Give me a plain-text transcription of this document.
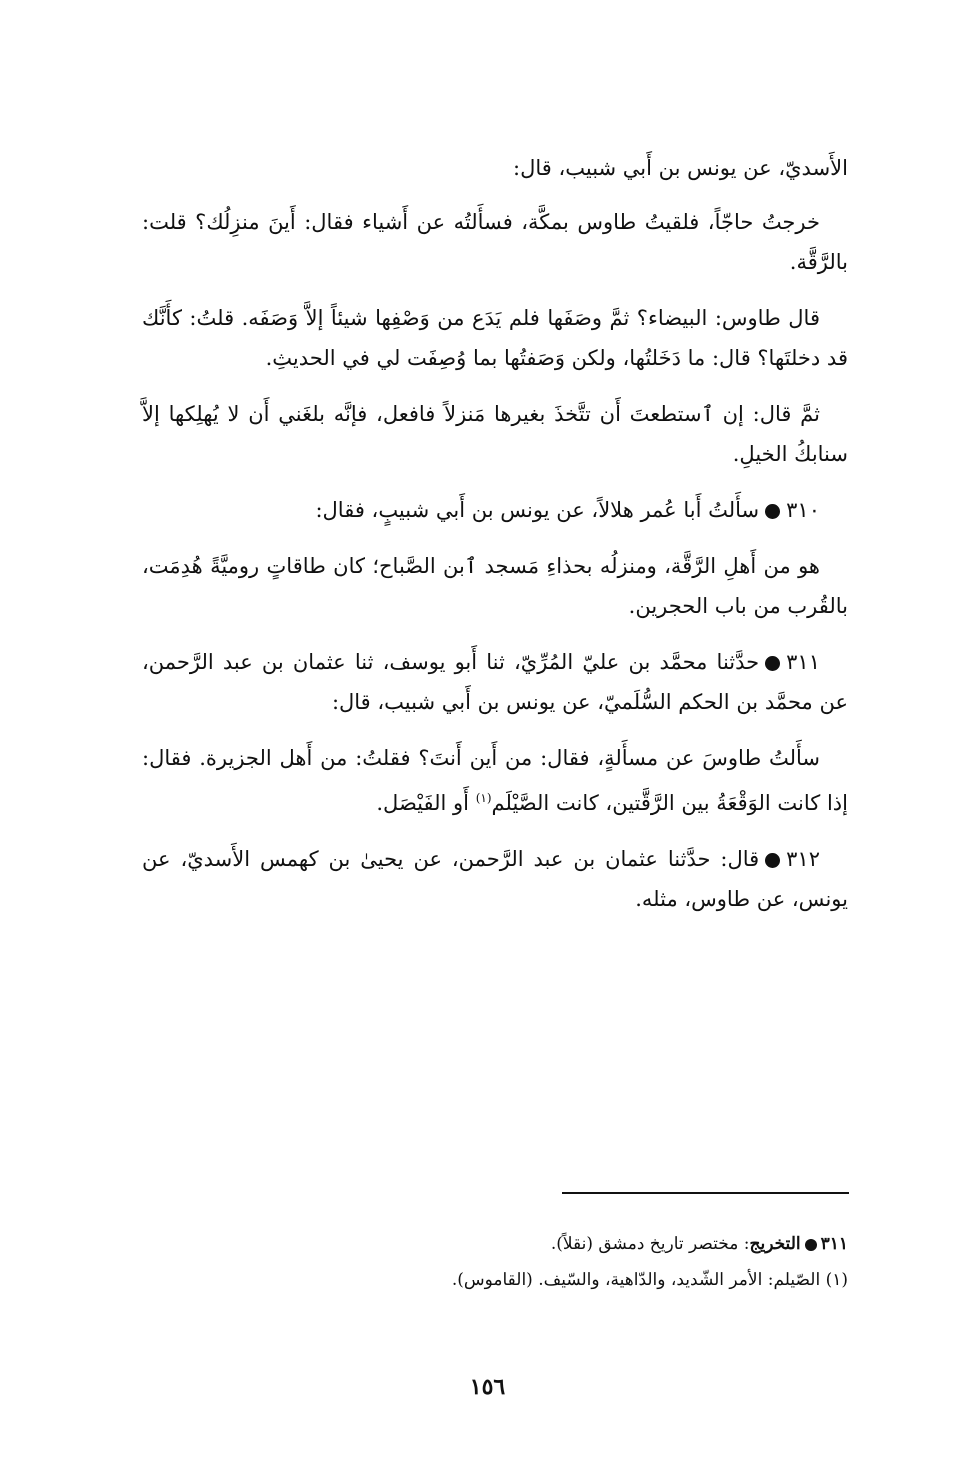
الأَسديّ، عن يونس بن أَبي شبيب، قال:

خرجتُ حاجّاً، فلقيتُ طاوس بمكَّة، فسأَلتُه عن أَشياء فقال: أَينَ منزِلُك؟ قلت: بالرَّقَّة.

قال طاوس: البيضاء؟ ثمَّ وصَفَها فلم يَدَع من وَصْفِها شيئاً إلاَّ وَصَفَه. قلتُ: كأَنَّك قد دخلتَها؟ قال: ما دَخَلتُها، ولكن وَصَفتُها بما وُصِفَت لي في الحديثِ.

ثمَّ قال: إن ٱستطعتَ أَن تتَّخذَ بغيرها مَنزلاً فافعل، فإنَّه بلغَني أَن لا يُهلِكها إلاَّ سنابكُ الخيلِ.

٣١٠سأَلتُ أَبا عُمر هلالاً، عن يونس بن أَبي شبيبٍ، فقال:

هو من أَهلِ الرَّقَّة، ومنزلُه بحذاءِ مَسجد ٱبن الصَّباح؛ كان طاقاتٍ روميَّةً هُدِمَت، بالقُرب من باب الحجرين.

٣١١حدَّثنا محمَّد بن عليّ المُرِّيّ، ثنا أَبو يوسف، ثنا عثمان بن عبد الرَّحمن، عن محمَّد بن الحكم السُّلَميّ، عن يونس بن أَبي شبيب، قال:

سأَلتُ طاوسَ عن مسأَلةٍ، فقال: من أَين أَنتَ؟ فقلتُ: من أَهل الجزيرة. فقال: إذا كانت الوَقْعَةُ بين الرَّقَّتين، كانت الصَّيْلَم$^{(١)}$ أَو الفَيْصَل.

٣١٢قال: حدَّثنا عثمان بن عبد الرَّحمن، عن يحيىٰ بن كهمس الأَسديّ، عن يونس، عن طاوس، مثله.

٣١١التخريج: مختصر تاريخ دمشق (نقلاً).

(١) الصّيلم: الأمر الشّديد، والدّاهية، والسّيف. (القاموس).

١٥٦
